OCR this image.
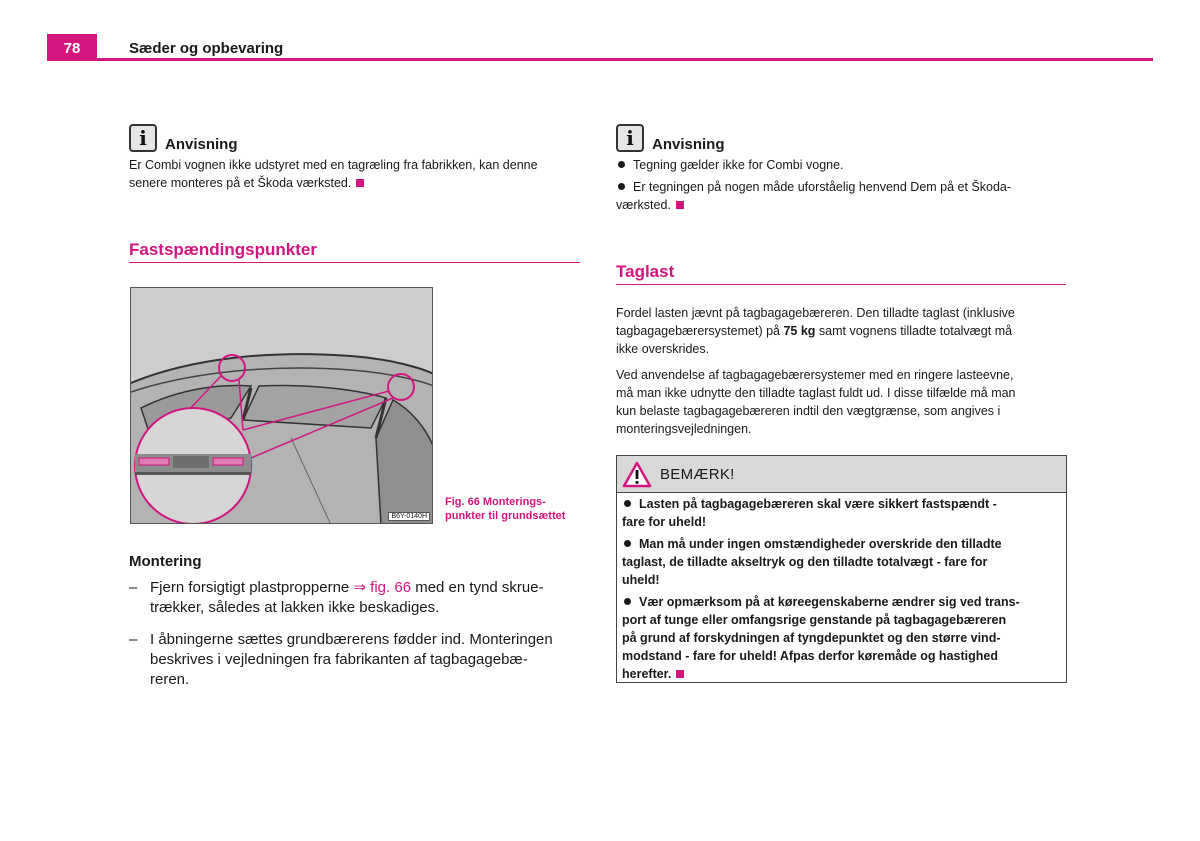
78	Sæder og opbevaring
i Anvisning
Er Combi vognen ikke udstyret med en tagræling fra fabrikken, kan denne
senere monteres på et Škoda værksted.
Fastspændingspunkter
B6Y-0140H
Fig. 66 Monterings-
punkter til grundsættet
Montering
– Fjern forsigtigt plastpropperne ⇒ fig. 66 med en tynd skrue-
trækker, således at lakken ikke beskadiges.
– I åbningerne sættes grundbærerens fødder ind. Monteringen
beskrives i vejledningen fra fabrikanten af tagbagagebæ-
reren.
i Anvisning
Tegning gælder ikke for Combi vogne.
Er tegningen på nogen måde uforståelig henvend Dem på et Škoda-
værksted.
Taglast
Fordel lasten jævnt på tagbagagebæreren. Den tilladte taglast (inklusive
tagbagagebærersystemet) på 75 kg samt vognens tilladte totalvægt må
ikke overskrides.
Ved anvendelse af tagbagagebærersystemer med en ringere lasteevne,
må man ikke udnytte den tilladte taglast fuldt ud. I disse tilfælde må man
kun belaste tagbagagebæreren indtil den vægtgrænse, som angives i
monteringsvejledningen.
BEMÆRK!
Lasten på tagbagagebæreren skal være sikkert fastspændt -
fare for uheld!
Man må under ingen omstændigheder overskride den tilladte
taglast, de tilladte akseltryk og den tilladte totalvægt - fare for
uheld!
Vær opmærksom på at køreegenskaberne ændrer sig ved trans-
port af tunge eller omfangsrige genstande på tagbagagebæreren
på grund af forskydningen af tyngdepunktet og den større vind-
modstand - fare for uheld! Afpas derfor køremåde og hastighed
herefter.
